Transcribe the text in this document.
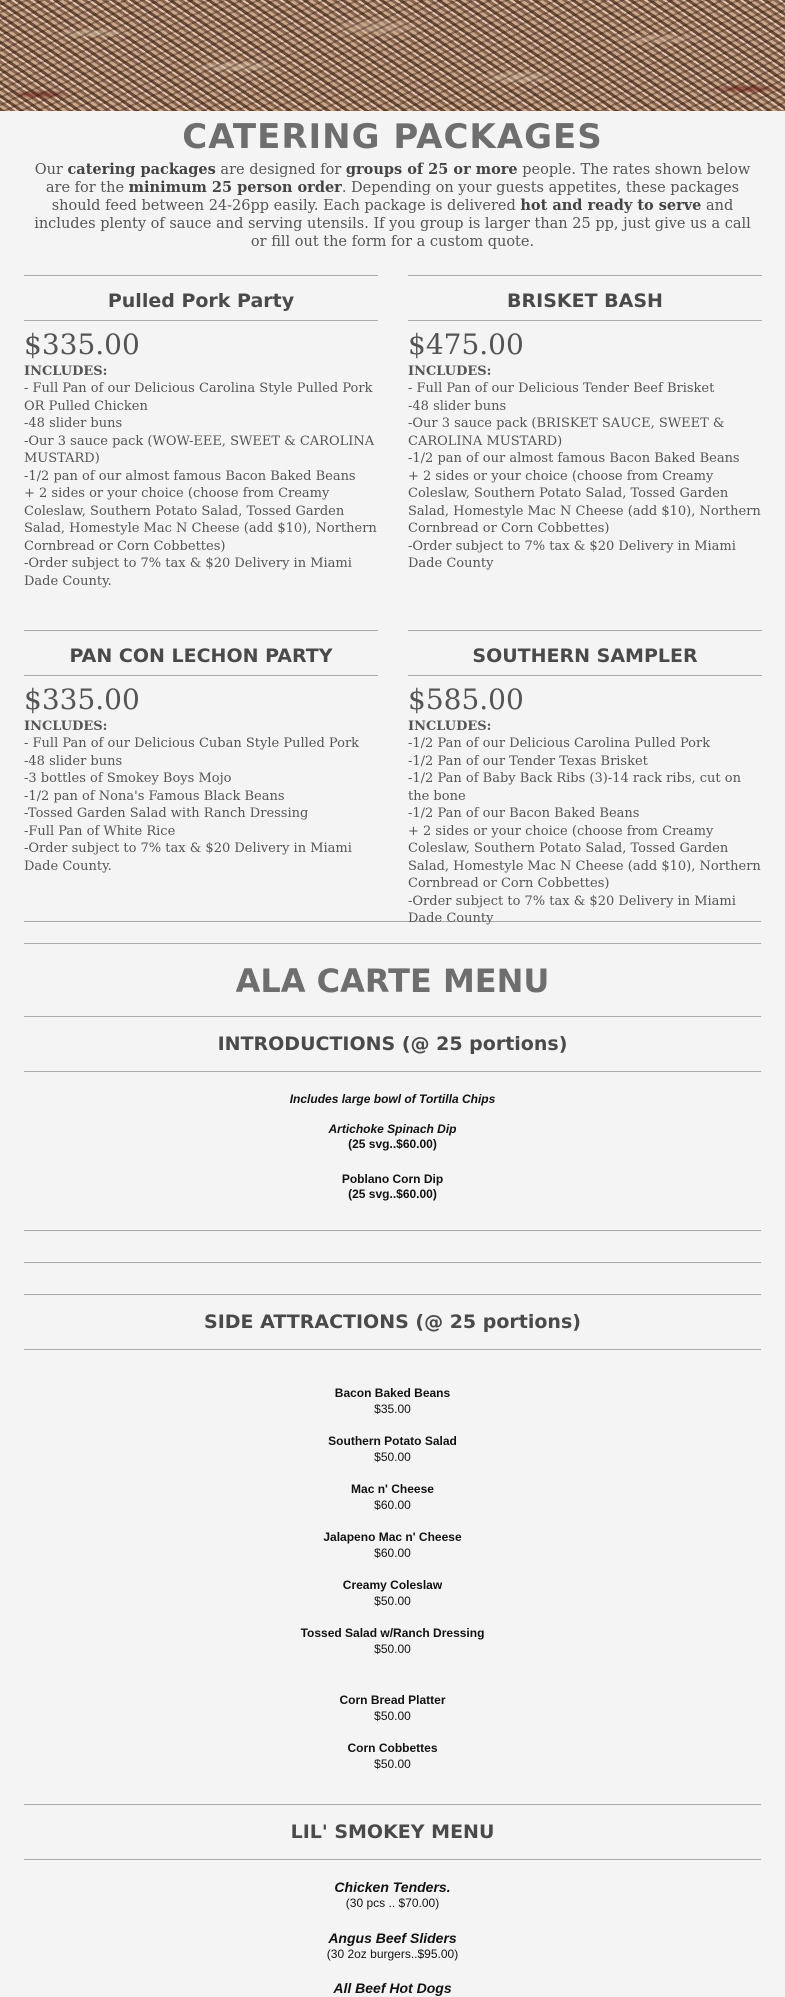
CATERING PACKAGES

Our catering packages are designed for groups of 25 or more people. The rates shown below are for the minimum 25 person order. Depending on your guests appetites, these packages should feed between 24-26pp easily. Each package is delivered hot and ready to serve and includes plenty of sauce and serving utensils. If you group is larger than 25 pp, just give us a call or fill out the form for a custom quote.

Pulled Pork Party
$335.00
INCLUDES:
- Full Pan of our Delicious Carolina Style Pulled Pork OR Pulled Chicken
-48 slider buns
-Our 3 sauce pack (WOW-EEE, SWEET & CAROLINA MUSTARD)
-1/2 pan of our almost famous Bacon Baked Beans
+ 2 sides or your choice (choose from Creamy Coleslaw, Southern Potato Salad, Tossed Garden Salad, Homestyle Mac N Cheese (add $10), Northern Cornbread or Corn Cobbettes)
-Order subject to 7% tax & $20 Delivery in Miami Dade County.
BRISKET BASH
$475.00
INCLUDES:
- Full Pan of our Delicious Tender Beef Brisket
-48 slider buns
-Our 3 sauce pack (BRISKET SAUCE, SWEET & CAROLINA MUSTARD)
-1/2 pan of our almost famous Bacon Baked Beans
+ 2 sides or your choice (choose from Creamy Coleslaw, Southern Potato Salad, Tossed Garden Salad, Homestyle Mac N Cheese (add $10), Northern Cornbread or Corn Cobbettes)
-Order subject to 7% tax & $20 Delivery in Miami Dade County
PAN CON LECHON PARTY
$335.00
INCLUDES:
- Full Pan of our Delicious Cuban Style Pulled Pork
-48 slider buns
-3 bottles of Smokey Boys Mojo
-1/2 pan of Nona's Famous Black Beans
-Tossed Garden Salad with Ranch Dressing
-Full Pan of White Rice
-Order subject to 7% tax & $20 Delivery in Miami Dade County.
SOUTHERN SAMPLER
$585.00
INCLUDES:
-1/2 Pan of our Delicious Carolina Pulled Pork
-1/2 Pan of our Tender Texas Brisket
-1/2 Pan of Baby Back Ribs (3)-14 rack ribs, cut on the bone
-1/2 Pan of our Bacon Baked Beans
+ 2 sides or your choice (choose from Creamy Coleslaw, Southern Potato Salad, Tossed Garden Salad, Homestyle Mac N Cheese (add $10), Northern Cornbread or Corn Cobbettes)
-Order subject to 7% tax & $20 Delivery in Miami Dade County
ALA CARTE MENU
INTRODUCTIONS (@ 25 portions)
Includes large bowl of Tortilla Chips
Artichoke Spinach Dip
(25 svg..$60.00)
Poblano Corn Dip
(25 svg..$60.00)
SIDE ATTRACTIONS (@ 25 portions)
Bacon Baked Beans
$35.00
Southern Potato Salad
$50.00
Mac n' Cheese
$60.00
Jalapeno Mac n' Cheese
$60.00
Creamy Coleslaw
$50.00
Tossed Salad w/Ranch Dressing
$50.00
Corn Bread Platter
$50.00
Corn Cobbettes
$50.00
LIL' SMOKEY MENU
Chicken Tenders.
(30 pcs .. $70.00)
Angus Beef Sliders
(30 2oz burgers..$95.00)
All Beef Hot Dogs
